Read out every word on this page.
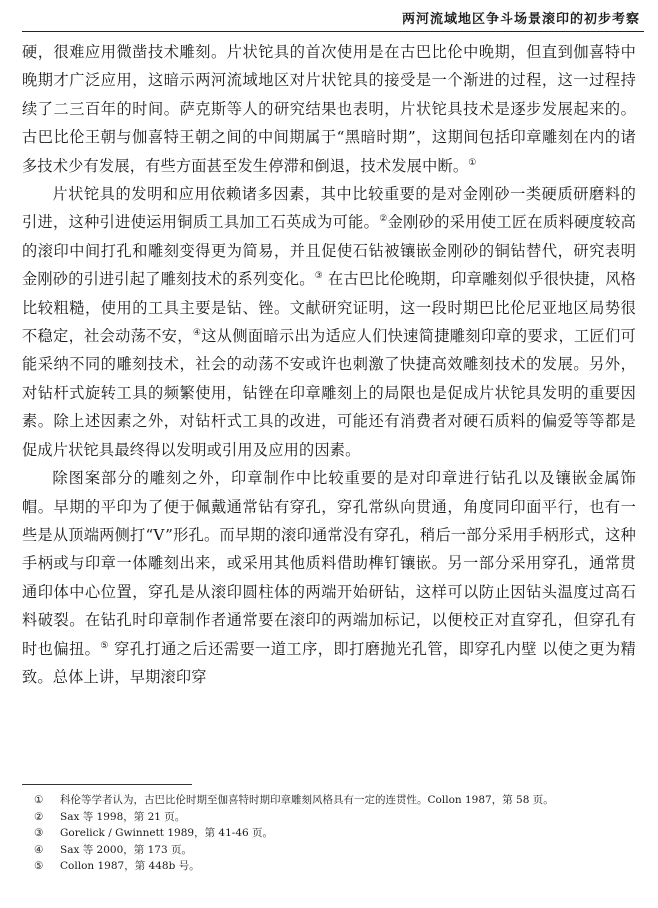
两河流域地区争斗场景滚印的初步考察

硬，很难应用微凿技术雕刻。片状铊具的首次使用是在古巴比伦中晚期，但直到伽喜特中晚期才广泛应用，这暗示两河流域地区对片状铊具的接受是一个渐进的过程，这一过程持续了二三百年的时间。萨克斯等人的研究结果也表明，片状铊具技术是逐步发展起来的。古巴比伦王朝与伽喜特王朝之间的中间期属于“黑暗时期”，这期间包括印章雕刻在内的诸多技术少有发展，有些方面甚至发生停滞和倒退，技术发展中断。①

片状铊具的发明和应用依赖诸多因素，其中比较重要的是对金刚砂一类硬质研磨料的引进，这种引进使运用铜质工具加工石英成为可能。②金刚砂的采用使工匠在质料硬度较高的滚印中间打孔和雕刻变得更为简易，并且促使石钻被镶嵌金刚砂的铜钻替代，研究表明金刚砂的引进引起了雕刻技术的系列变化。③ 在古巴比伦晚期，印章雕刻似乎很快捷，风格比较粗糙，使用的工具主要是钻、锉。文献研究证明，这一段时期巴比伦尼亚地区局势很不稳定，社会动荡不安，④这从侧面暗示出为适应人们快速简捷雕刻印章的要求，工匠们可能采纳不同的雕刻技术，社会的动荡不安或许也刺激了快捷高效雕刻技术的发展。另外，对钻杆式旋转工具的频繁使用，钻锉在印章雕刻上的局限也是促成片状铊具发明的重要因素。除上述因素之外，对钻杆式工具的改进，可能还有消费者对硬石质料的偏爱等等都是促成片状铊具最终得以发明或引用及应用的因素。

除图案部分的雕刻之外，印章制作中比较重要的是对印章进行钻孔以及镶嵌金属饰帽。早期的平印为了便于佩戴通常钻有穿孔，穿孔常纵向贯通，角度同印面平行，也有一些是从顶端两侧打“V”形孔。而早期的滚印通常没有穿孔，稍后一部分采用手柄形式，这种手柄或与印章一体雕刻出来，或采用其他质料借助榫钉镶嵌。另一部分采用穿孔，通常贯通印体中心位置，穿孔是从滚印圆柱体的两端开始研钻，这样可以防止因钻头温度过高石料破裂。在钻孔时印章制作者通常要在滚印的两端加标记，以便校正对直穿孔，但穿孔有时也偏扭。⑤ 穿孔打通之后还需要一道工序，即打磨抛光孔管，即穿孔内壁 以使之更为精致。总体上讲，早期滚印穿

① 科伦等学者认为，古巴比伦时期至伽喜特时期印章雕刻风格具有一定的连贯性。Collon 1987，第 58 页。
② Sax 等 1998，第 21 页。
③ Gorelick / Gwinnett 1989，第 41-46 页。
④ Sax 等 2000，第 173 页。
⑤ Collon 1987，第 448b 号。
